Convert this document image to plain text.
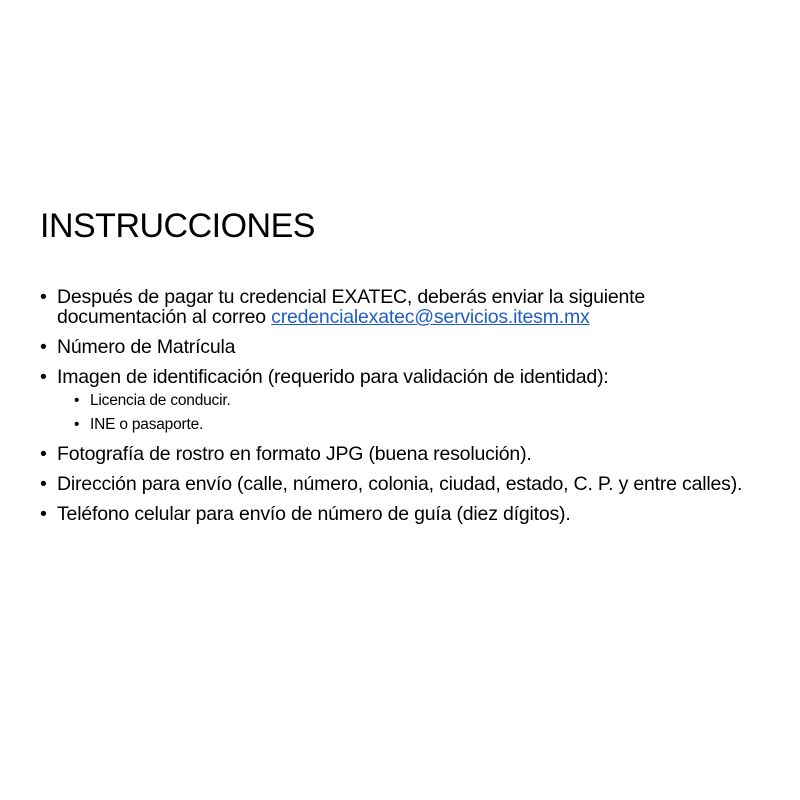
INSTRUCCIONES
• Después de pagar tu credencial EXATEC, deberás enviar la siguiente documentación al correo credencialexatec@servicios.itesm.mx
• Número de Matrícula
• Imagen de identificación (requerido para validación de identidad):
• Licencia de conducir.
• INE o pasaporte.
• Fotografía de rostro en formato JPG (buena resolución).
• Dirección para envío (calle, número, colonia, ciudad, estado, C. P. y entre calles).
• Teléfono celular para envío de número de guía (diez dígitos).
